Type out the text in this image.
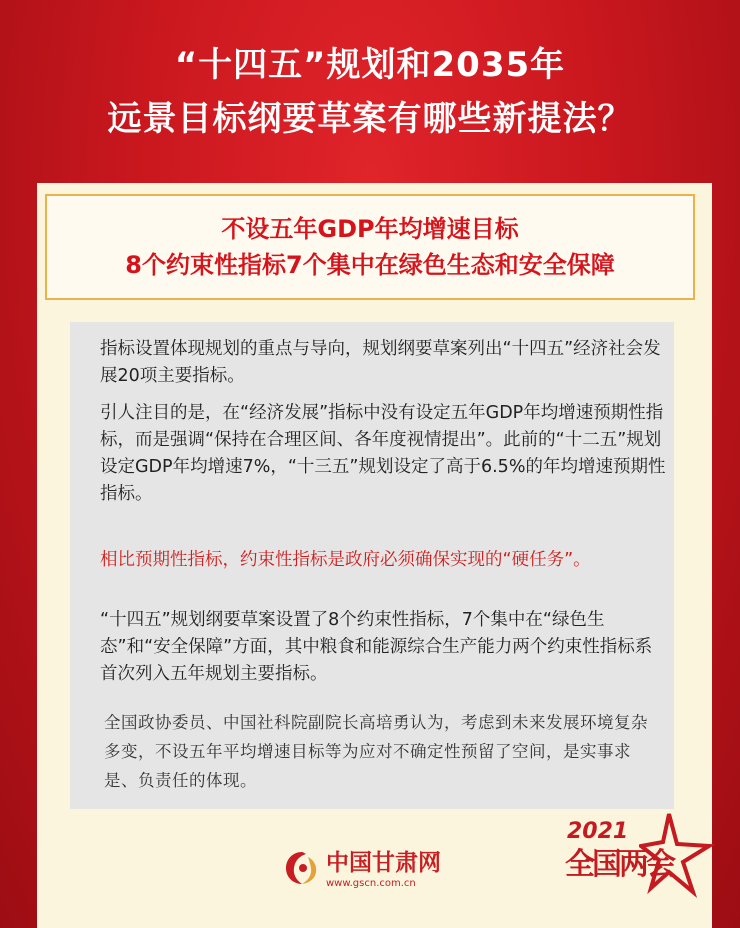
“十四五”规划和2035年
远景目标纲要草案有哪些新提法？
不设五年GDP年均增速目标
8个约束性指标7个集中在绿色生态和安全保障

指标设置体现规划的重点与导向，规划纲要草案列出“十四五”经济社会发展20项主要指标。

引人注目的是，在“经济发展”指标中没有设定五年GDP年均增速预期性指标，而是强调“保持在合理区间、各年度视情提出”。此前的“十二五”规划设定GDP年均增速7%，“十三五”规划设定了高于6.5%的年均增速预期性指标。

相比预期性指标，约束性指标是政府必须确保实现的“硬任务”。

“十四五”规划纲要草案设置了8个约束性指标，7个集中在“绿色生态”和“安全保障”方面，其中粮食和能源综合生产能力两个约束性指标系首次列入五年规划主要指标。

全国政协委员、中国社科院副院长高培勇认为，考虑到未来发展环境复杂多变，不设五年平均增速目标等为应对不确定性预留了空间，是实事求是、负责任的体现。

中国甘肃网
www.gscn.com.cn
2021
全国两会
